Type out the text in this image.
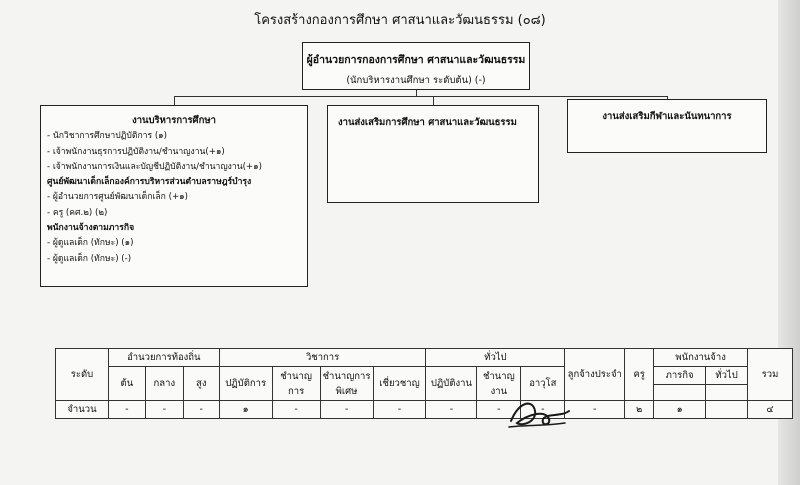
โครงสร้างกองการศึกษา ศาสนาและวัฒนธรรม (๐๘)
ผู้อำนวยการกองการศึกษา ศาสนาและวัฒนธรรม
(นักบริหารงานศึกษา ระดับต้น) (-)
งานบริหารการศึกษา
- นักวิชาการศึกษาปฏิบัติการ (๑)
- เจ้าพนักงานธุรการปฏิบัติงาน/ชำนาญงาน(+๑)
- เจ้าพนักงานการเงินและบัญชีปฏิบัติงาน/ชำนาญงาน(+๑)
ศูนย์พัฒนาเด็กเล็กองค์การบริหารส่วนตำบลราษฎร์บำรุง
- ผู้อำนวยการศูนย์พัฒนาเด็กเล็ก (+๑)
- ครู (คศ.๒) (๒)
พนักงานจ้างตามภารกิจ
- ผู้ดูแลเด็ก (ทักษะ) (๑)
- ผู้ดูแลเด็ก (ทักษะ) (-)
งานส่งเสริมการศึกษา ศาสนาและวัฒนธรรม
งานส่งเสริมกีฬาและนันทนาการ
ระดับ	อำนวยการท้องถิ่น			วิชาการ				ทั่วไป			ลูกจ้างประจำ	ครู	พนักงานจ้าง		รวม
	ต้น	กลาง	สูง	ปฏิบัติการ	ชำนาญการ	ชำนาญการพิเศษ	เชี่ยวชาญ	ปฏิบัติงาน	ชำนาญงาน	อาวุโส			ภารกิจ	ทั่วไป	

จำนวน	-	-	-	๑	-	-	-	-	-	-	-	๒	๑		๔
